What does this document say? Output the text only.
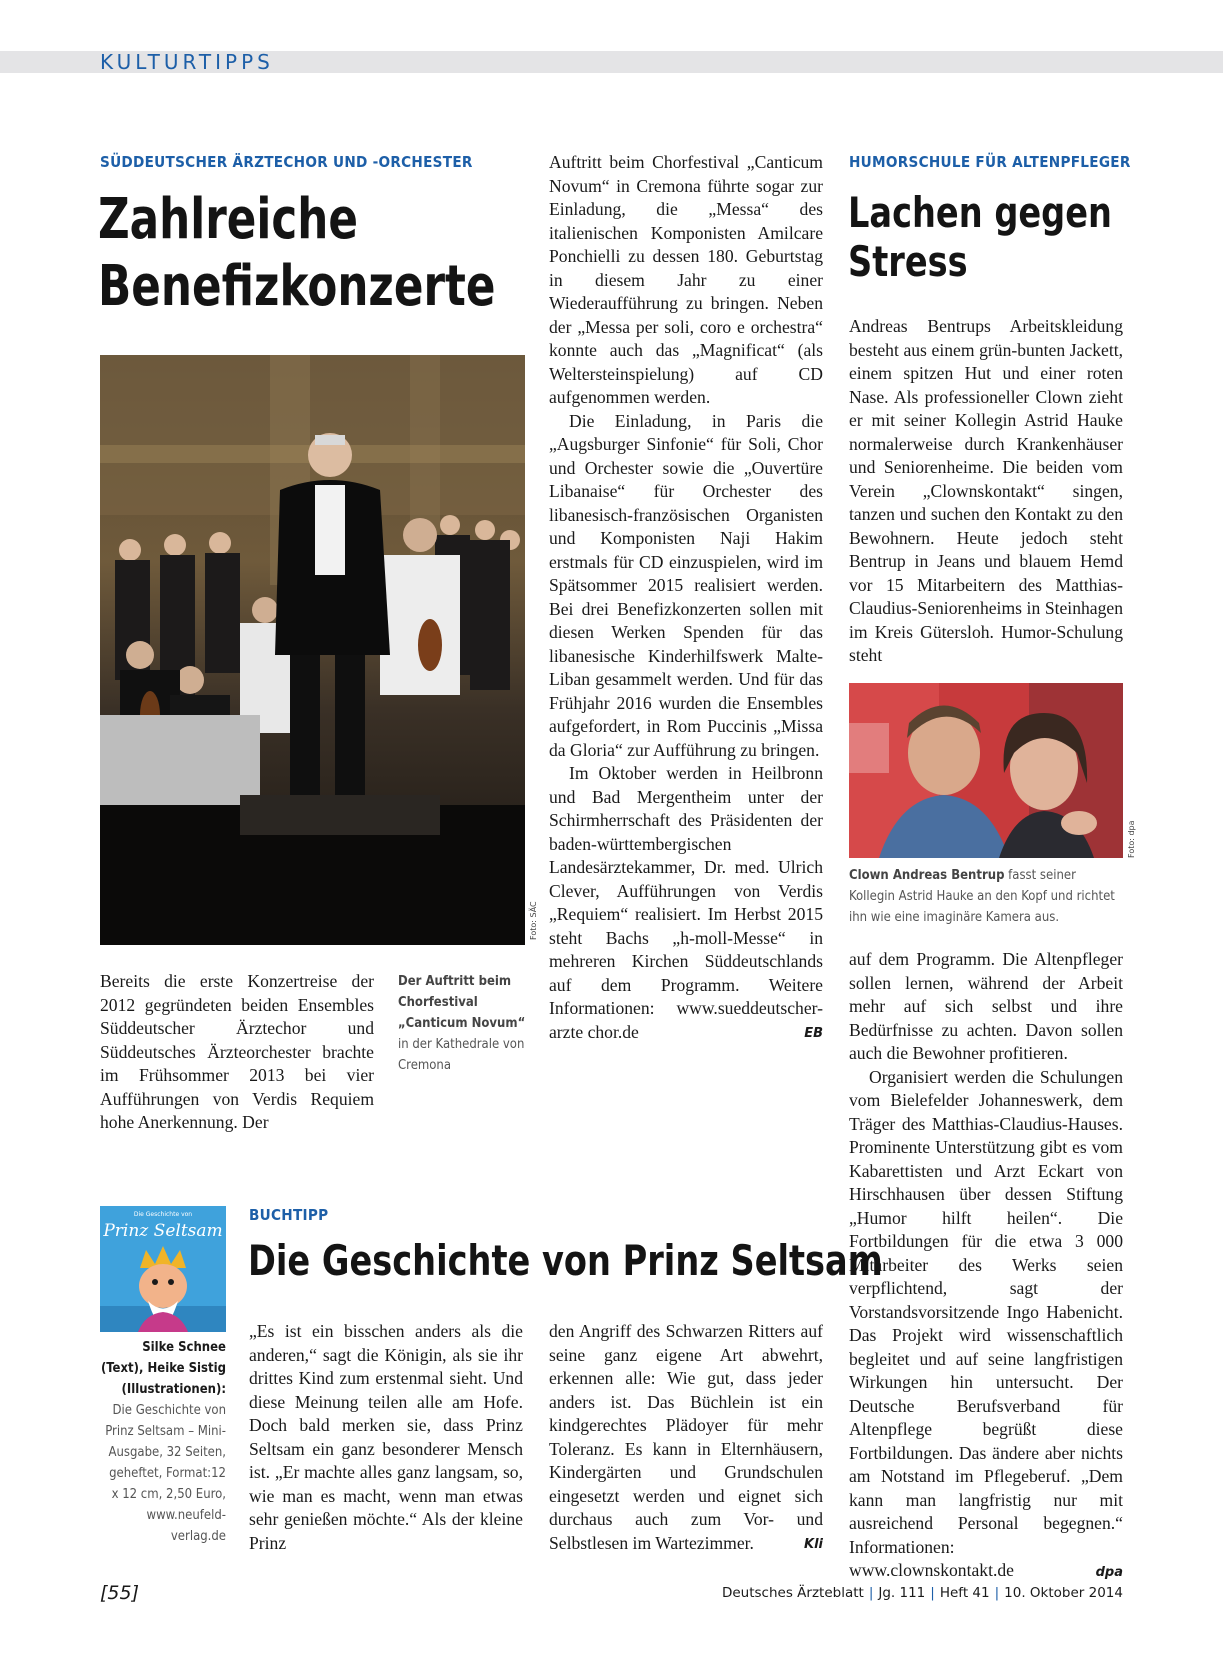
KULTURTIPPS
SÜDDEUTSCHER ÄRZTECHOR UND -ORCHESTER
Zahlreiche
Benefizkonzerte
Foto: SÄC

Bereits die erste Konzertreise der 2012 gegründeten beiden Ensembles Süddeutscher Ärztechor und Süddeutsches Ärzteorchester brachte im Frühsommer 2013 bei vier Aufführungen von Verdis Requiem hohe Anerkennung. Der

Der Auftritt beim Chorfestival „Canticum Novum“ in der Kathedrale von Cremona

Auftritt beim Chorfestival „Canticum Novum“ in Cremona führte sogar zur Einladung, die „Messa“ des italienischen Komponisten Amilcare Ponchielli zu dessen 180. Geburtstag in diesem Jahr zu einer Wiederaufführung zu bringen. Neben der „Messa per soli, coro e orchestra“ konnte auch das „Magnificat“ (als Weltersteinspielung) auf CD aufgenommen werden.

Die Einladung, in Paris die „Augsburger Sinfonie“ für Soli, Chor und Orchester sowie die „Ouvertüre Libanaise“ für Orchester des libanesisch-französischen Organisten und Komponisten Naji Hakim erstmals für CD einzuspielen, wird im Spätsommer 2015 realisiert werden. Bei drei Benefizkonzerten sollen mit diesen Werken Spenden für das libanesische Kinderhilfswerk Malte-Liban gesammelt werden. Und für das Frühjahr 2016 wurden die Ensembles aufgefordert, in Rom Puccinis „Missa da Gloria“ zur Aufführung zu bringen.

Im Oktober werden in Heilbronn und Bad Mergentheim unter der Schirmherrschaft des Präsidenten der baden-württembergischen Landesärztekammer, Dr. med. Ulrich Clever, Aufführungen von Verdis „Requiem“ realisiert. Im Herbst 2015 steht Bachs „h-moll-Messe“ in mehreren Kirchen Süddeutschlands auf dem Programm. Weitere Informationen: www.sueddeutscher-arzte chor.de	EB
HUMORSCHULE FÜR ALTENPFLEGER
Lachen gegen
Stress

Andreas Bentrups Arbeitskleidung besteht aus einem grün-bunten Jackett, einem spitzen Hut und einer roten Nase. Als professioneller Clown zieht er mit seiner Kollegin Astrid Hauke normalerweise durch Krankenhäuser und Seniorenheime. Die beiden vom Verein „Clownskontakt“ singen, tanzen und suchen den Kontakt zu den Bewohnern. Heute jedoch steht Bentrup in Jeans und blauem Hemd vor 15 Mitarbeitern des Matthias-Claudius-Seniorenheims in Steinhagen im Kreis Gütersloh. Humor-Schulung steht

Foto: dpa
Clown Andreas Bentrup fasst seiner Kollegin Astrid Hauke an den Kopf und richtet ihn wie eine imaginäre Kamera aus.

auf dem Programm. Die Altenpfleger sollen lernen, während der Arbeit mehr auf sich selbst und ihre Bedürfnisse zu achten. Davon sollen auch die Bewohner profitieren.

Organisiert werden die Schulungen vom Bielefelder Johanneswerk, dem Träger des Matthias-Claudius-Hauses. Prominente Unterstützung gibt es vom Kabarettisten und Arzt Eckart von Hirschhausen über dessen Stiftung „Humor hilft heilen“. Die Fortbildungen für die etwa 3 000 Mitarbeiter des Werks seien verpflichtend, sagt der Vorstandsvorsitzende Ingo Habenicht. Das Projekt wird wissenschaftlich begleitet und auf seine langfristigen Wirkungen hin untersucht. Der Deutsche Berufsverband für Altenpflege begrüßt diese Fortbildungen. Das ändere aber nichts am Notstand im Pflegeberuf. „Dem kann man langfristig nur mit ausreichend Personal begegnen.“ Informationen: www.clownskontakt.de	dpa
Die Geschichte von
Prinz Seltsam
Silke Schnee (Text), Heike Sistig (Illustrationen): Die Geschichte von Prinz Seltsam – Mini-Ausgabe, 32 Seiten, geheftet, Format:12 x 12 cm, 2,50 Euro, www.neufeld-verlag.de
BUCHTIPP
Die Geschichte von Prinz Seltsam

„Es ist ein bisschen anders als die anderen,“ sagt die Königin, als sie ihr drittes Kind zum erstenmal sieht. Und diese Meinung teilen alle am Hofe. Doch bald merken sie, dass Prinz Seltsam ein ganz besonderer Mensch ist. „Er machte alles ganz langsam, so, wie man es macht, wenn man etwas sehr genießen möchte.“ Als der kleine Prinz

den Angriff des Schwarzen Ritters auf seine ganz eigene Art abwehrt, erkennen alle: Wie gut, dass jeder anders ist. Das Büchlein ist ein kindgerechtes Plädoyer für mehr Toleranz. Es kann in Elternhäusern, Kindergärten und Grundschulen eingesetzt werden und eignet sich durchaus auch zum Vor- und Selbstlesen im Wartezimmer.	Kli
[55]	Deutsches Ärzteblatt | Jg. 111 | Heft 41 | 10. Oktober 2014
